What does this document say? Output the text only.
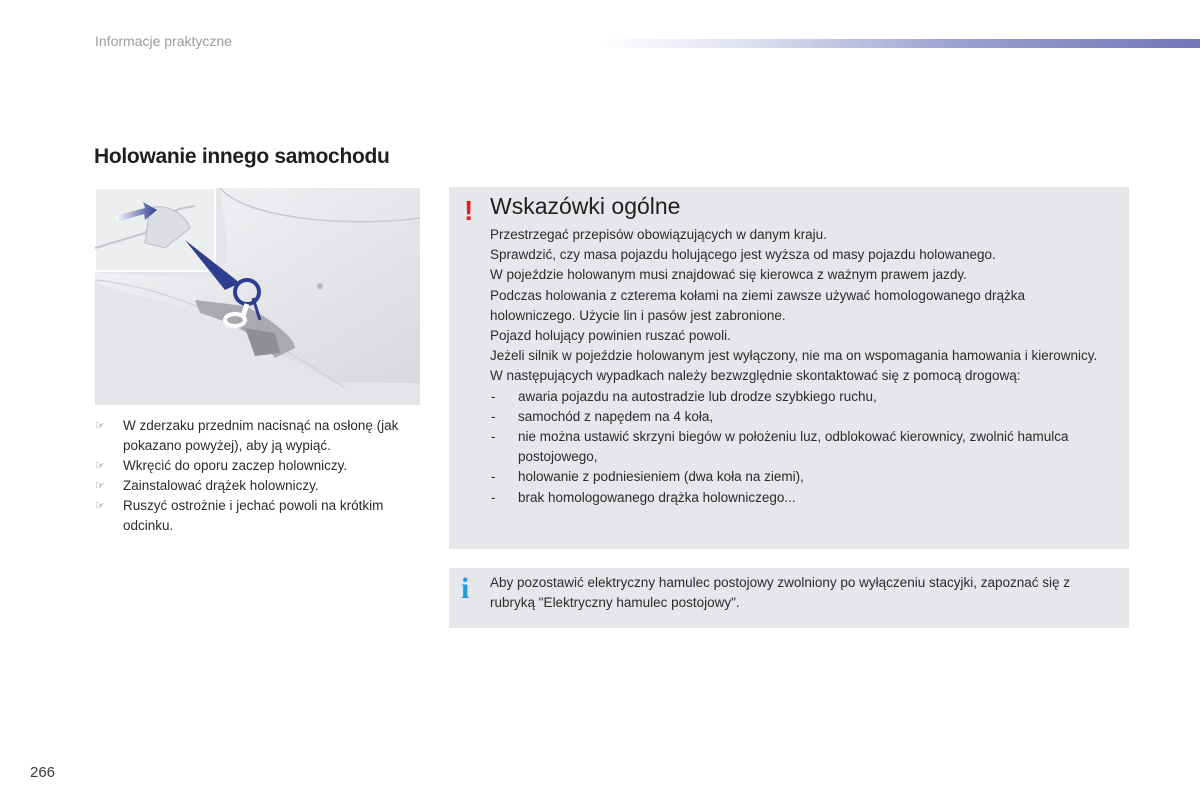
Informacje praktyczne
Holowanie innego samochodu
☞ W zderzaku przednim nacisnąć na osłonę (jak pokazano powyżej), aby ją wypiąć.
☞ Wkręcić do oporu zaczep holowniczy.
☞ Zainstalować drążek holowniczy.
☞ Ruszyć ostrożnie i jechać powoli na krótkim odcinku.
! Wskazówki ogólne

Przestrzegać przepisów obowiązujących w danym kraju.

Sprawdzić, czy masa pojazdu holującego jest wyższa od masy pojazdu holowanego.

W pojeździe holowanym musi znajdować się kierowca z ważnym prawem jazdy.

Podczas holowania z czterema kołami na ziemi zawsze używać homologowanego drążka holowniczego. Użycie lin i pasów jest zabronione.

Pojazd holujący powinien ruszać powoli.

Jeżeli silnik w pojeździe holowanym jest wyłączony, nie ma on wspomagania hamowania i kierownicy.

W następujących wypadkach należy bezwzględnie skontaktować się z pomocą drogową:

- awaria pojazdu na autostradzie lub drodze szybkiego ruchu,
- samochód z napędem na 4 koła,
- nie można ustawić skrzyni biegów w położeniu luz, odblokować kierownicy, zwolnić hamulca postojowego,
- holowanie z podniesieniem (dwa koła na ziemi),
- brak homologowanego drążka holowniczego...
i Aby pozostawić elektryczny hamulec postojowy zwolniony po wyłączeniu stacyjki, zapoznać się z rubryką "Elektryczny hamulec postojowy".
266
